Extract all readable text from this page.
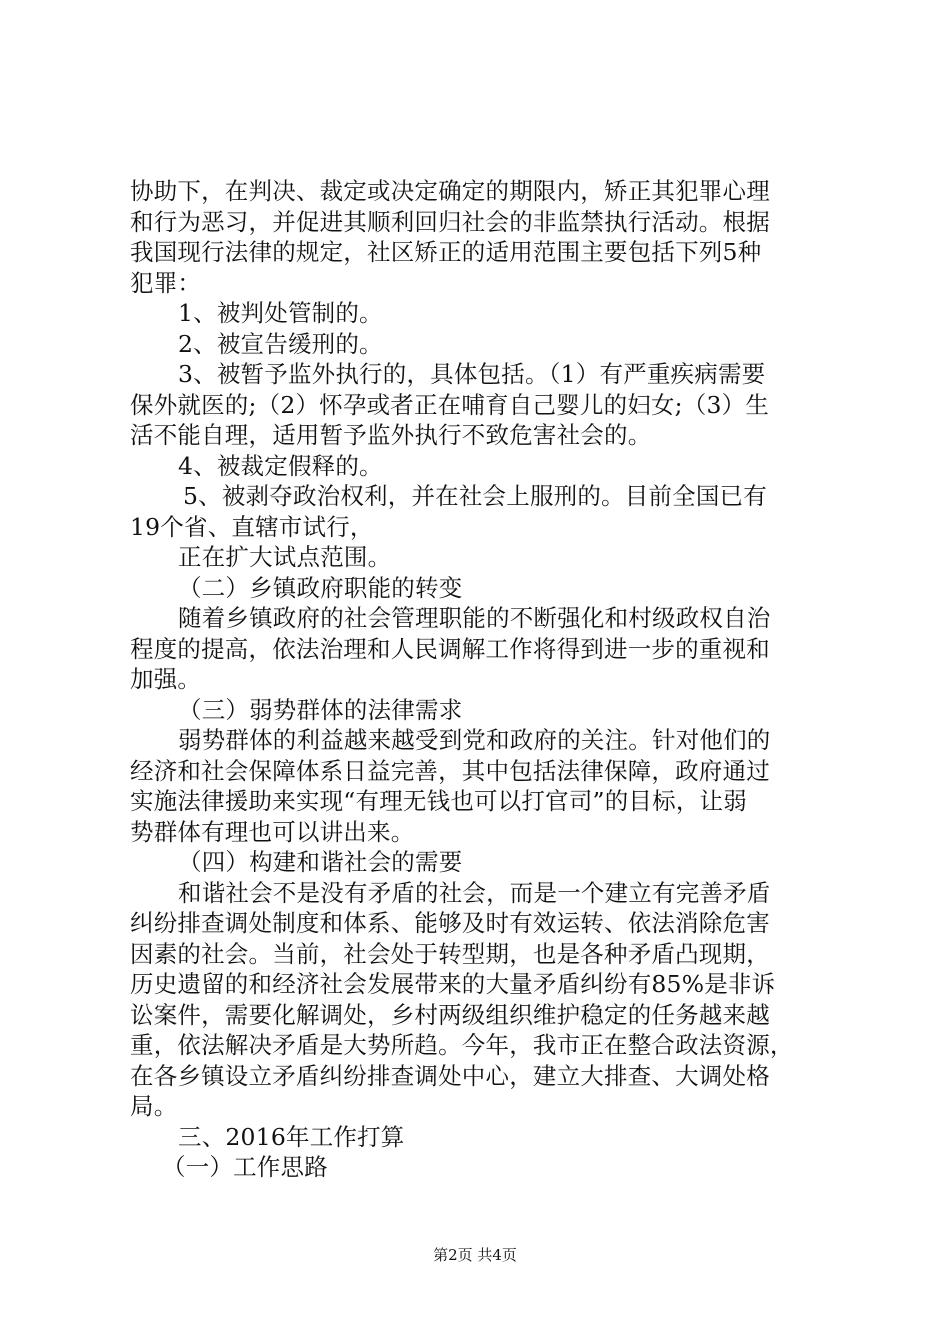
第2页 共4页
协助下，在判决、裁定或决定确定的期限内，矫正其犯罪心理
和行为恶习，并促进其顺利回归社会的非监禁执行活动。根据
我国现行法律的规定，社区矫正的适用范围主要包括下列5种
犯罪：
1、被判处管制的。
2、被宣告缓刑的。
3、被暂予监外执行的，具体包括。（1）有严重疾病需要
保外就医的;（2）怀孕或者正在哺育自己婴儿的妇女;（3）生
活不能自理，适用暂予监外执行不致危害社会的。
4、被裁定假释的。
5、被剥夺政治权利，并在社会上服刑的。目前全国已有
19个省、直辖市试行，
正在扩大试点范围。
（二）乡镇政府职能的转变
随着乡镇政府的社会管理职能的不断强化和村级政权自治
程度的提高，依法治理和人民调解工作将得到进一步的重视和
加强。
（三）弱势群体的法律需求
弱势群体的利益越来越受到党和政府的关注。针对他们的
经济和社会保障体系日益完善，其中包括法律保障，政府通过
实施法律援助来实现“有理无钱也可以打官司”的目标，让弱
势群体有理也可以讲出来。
（四）构建和谐社会的需要
和谐社会不是没有矛盾的社会，而是一个建立有完善矛盾
纠纷排查调处制度和体系、能够及时有效运转、依法消除危害
因素的社会。当前，社会处于转型期，也是各种矛盾凸现期，
历史遗留的和经济社会发展带来的大量矛盾纠纷有85%是非诉
讼案件，需要化解调处，乡村两级组织维护稳定的任务越来越
重，依法解决矛盾是大势所趋。今年，我市正在整合政法资源，
在各乡镇设立矛盾纠纷排查调处中心，建立大排查、大调处格
局。
三、2016年工作打算
（一）工作思路
